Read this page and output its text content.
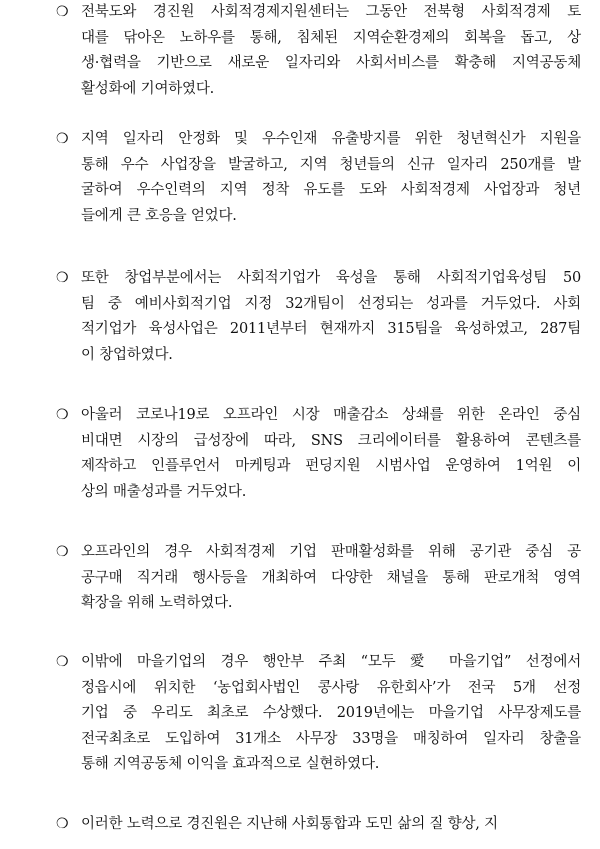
❍ 전북도와 경진원 사회적경제지원센터는 그동안 전북형 사회적경제 토
대를 닦아온 노하우를 통해, 침체된 지역순환경제의 회복을 돕고, 상
생·협력을 기반으로 새로운 일자리와 사회서비스를 확충해 지역공동체
활성화에 기여하였다.
❍ 지역 일자리 안정화 및 우수인재 유출방지를 위한 청년혁신가 지원을
통해 우수 사업장을 발굴하고, 지역 청년들의 신규 일자리 250개를 발
굴하여 우수인력의 지역 정착 유도를 도와 사회적경제 사업장과 청년
들에게 큰 호응을 얻었다.
❍ 또한 창업부분에서는 사회적기업가 육성을 통해 사회적기업육성팀 50
팀 중 예비사회적기업 지정 32개팀이 선정되는 성과를 거두었다. 사회
적기업가 육성사업은 2011년부터 현재까지 315팀을 육성하였고, 287팀
이 창업하였다.
❍ 아울러 코로나19로 오프라인 시장 매출감소 상쇄를 위한 온라인 중심
비대면 시장의 급성장에 따라, SNS 크리에이터를 활용하여 콘텐츠를
제작하고 인플루언서 마케팅과 펀딩지원 시범사업 운영하여 1억원 이
상의 매출성과를 거두었다.
❍ 오프라인의 경우 사회적경제 기업 판매활성화를 위해 공기관 중심 공
공구매 직거래 행사등을 개최하여 다양한 채널을 통해 판로개척 영역
확장을 위해 노력하였다.
❍ 이밖에 마을기업의 경우 행안부 주최 “모두 愛 마을기업” 선정에서
정읍시에 위치한 ‘농업회사법인 콩사랑 유한회사’가 전국 5개 선정
기업 중 우리도 최초로 수상했다. 2019년에는 마을기업 사무장제도를
전국최초로 도입하여 31개소 사무장 33명을 매칭하여 일자리 창출을
통해 지역공동체 이익을 효과적으로 실현하였다.
❍ 이러한 노력으로 경진원은 지난해 사회통합과 도민 삶의 질 향상, 지
